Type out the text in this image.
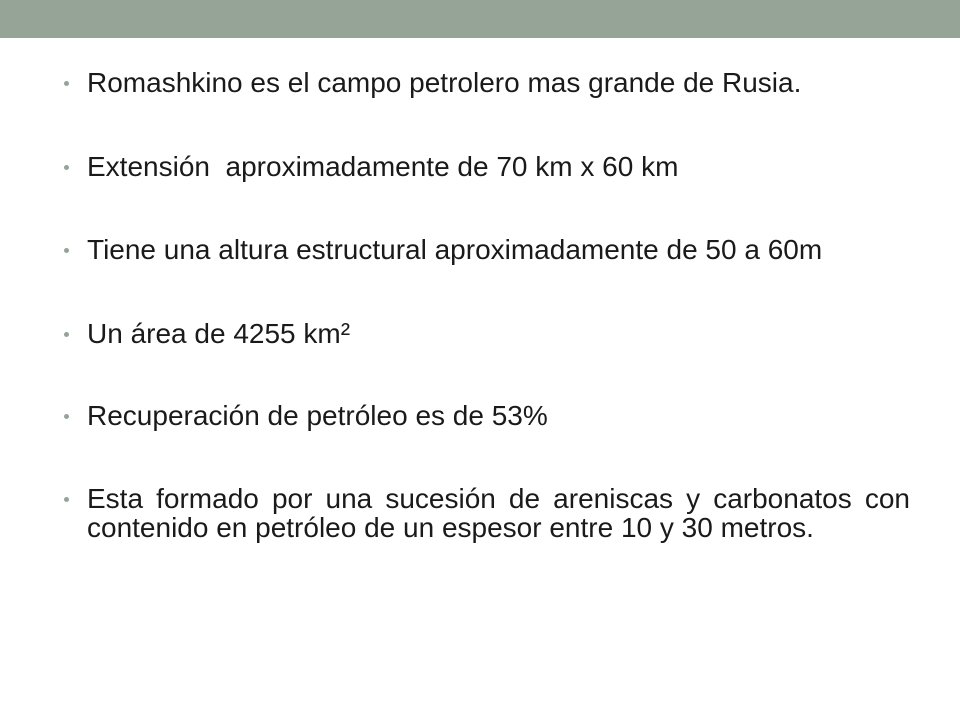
Romashkino es el campo petrolero mas grande de Rusia.
Extensión  aproximadamente de 70 km x 60 km
Tiene una altura estructural aproximadamente de 50 a 60m
Un área de 4255 km²
Recuperación de petróleo es de 53%
Esta formado por una sucesión de areniscas y carbonatos con contenido en petróleo de un espesor entre 10 y 30 metros.
